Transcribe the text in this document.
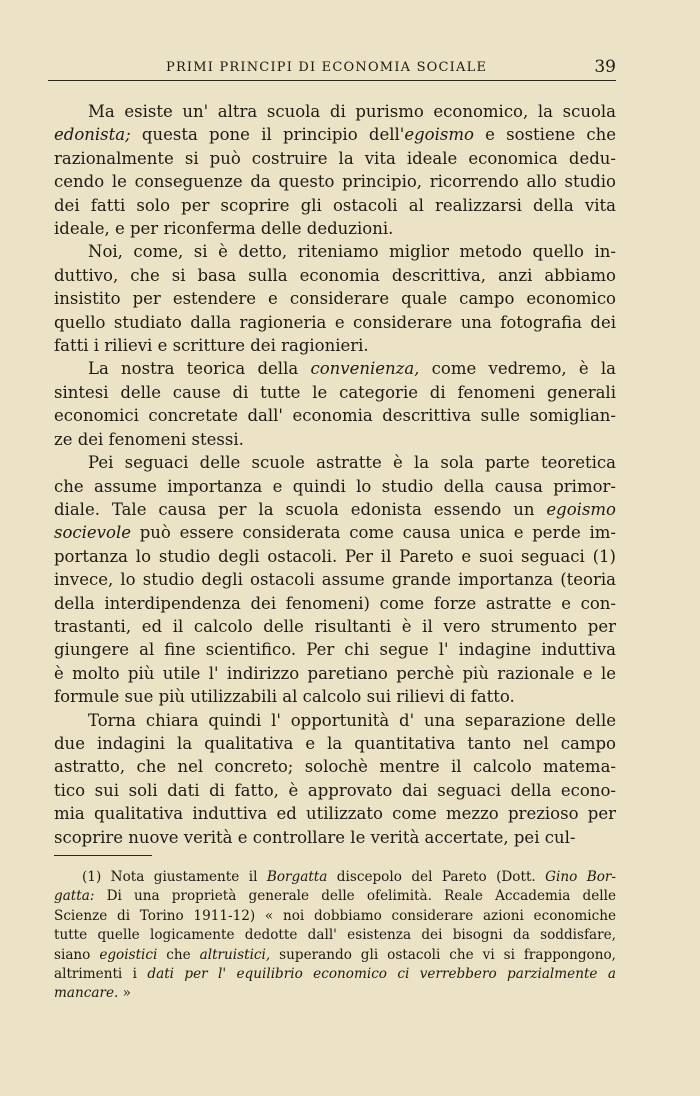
PRIMI PRINCIPI DI ECONOMIA SOCIALE	39
Ma esiste un' altra scuola di purismo economico, la scuola
edonista; questa pone il principio dell'egoismo e sostiene che
razionalmente si può costruire la vita ideale economica dedu-
cendo le conseguenze da questo principio, ricorrendo allo studio
dei fatti solo per scoprire gli ostacoli al realizzarsi della vita
ideale, e per riconferma delle deduzioni.
Noi, come, si è detto, riteniamo miglior metodo quello in-
duttivo, che si basa sulla economia descrittiva, anzi abbiamo
insistito per estendere e considerare quale campo economico
quello studiato dalla ragioneria e considerare una fotografia dei
fatti i rilievi e scritture dei ragionieri.
La nostra teorica della convenienza, come vedremo, è la
sintesi delle cause di tutte le categorie di fenomeni generali
economici concretate dall' economia descrittiva sulle somiglian-
ze dei fenomeni stessi.
Pei seguaci delle scuole astratte è la sola parte teoretica
che assume importanza e quindi lo studio della causa primor-
diale. Tale causa per la scuola edonista essendo un egoismo
socievole può essere considerata come causa unica e perde im-
portanza lo studio degli ostacoli. Per il Pareto e suoi seguaci (1)
invece, lo studio degli ostacoli assume grande importanza (teoria
della interdipendenza dei fenomeni) come forze astratte e con-
trastanti, ed il calcolo delle risultanti è il vero strumento per
giungere al fine scientifico. Per chi segue l' indagine induttiva
è molto più utile l' indirizzo paretiano perchè più razionale e le
formule sue più utilizzabili al calcolo sui rilievi di fatto.
Torna chiara quindi l' opportunità d' una separazione delle
due indagini la qualitativa e la quantitativa tanto nel campo
astratto, che nel concreto; solochè mentre il calcolo matema-
tico sui soli dati di fatto, è approvato dai seguaci della econo-
mia qualitativa induttiva ed utilizzato come mezzo prezioso per
scoprire nuove verità e controllare le verità accertate, pei cul-
(1) Nota giustamente il Borgatta discepolo del Pareto (Dott. Gino Bor-
gatta: Di una proprietà generale delle ofelimità. Reale Accademia delle
Scienze di Torino 1911-12) « noi dobbiamo considerare azioni economiche
tutte quelle logicamente dedotte dall' esistenza dei bisogni da soddisfare,
siano egoistici che altruistici, superando gli ostacoli che vi si frappongono,
altrimenti i dati per l' equilibrio economico ci verrebbero parzialmente a
mancare. »
